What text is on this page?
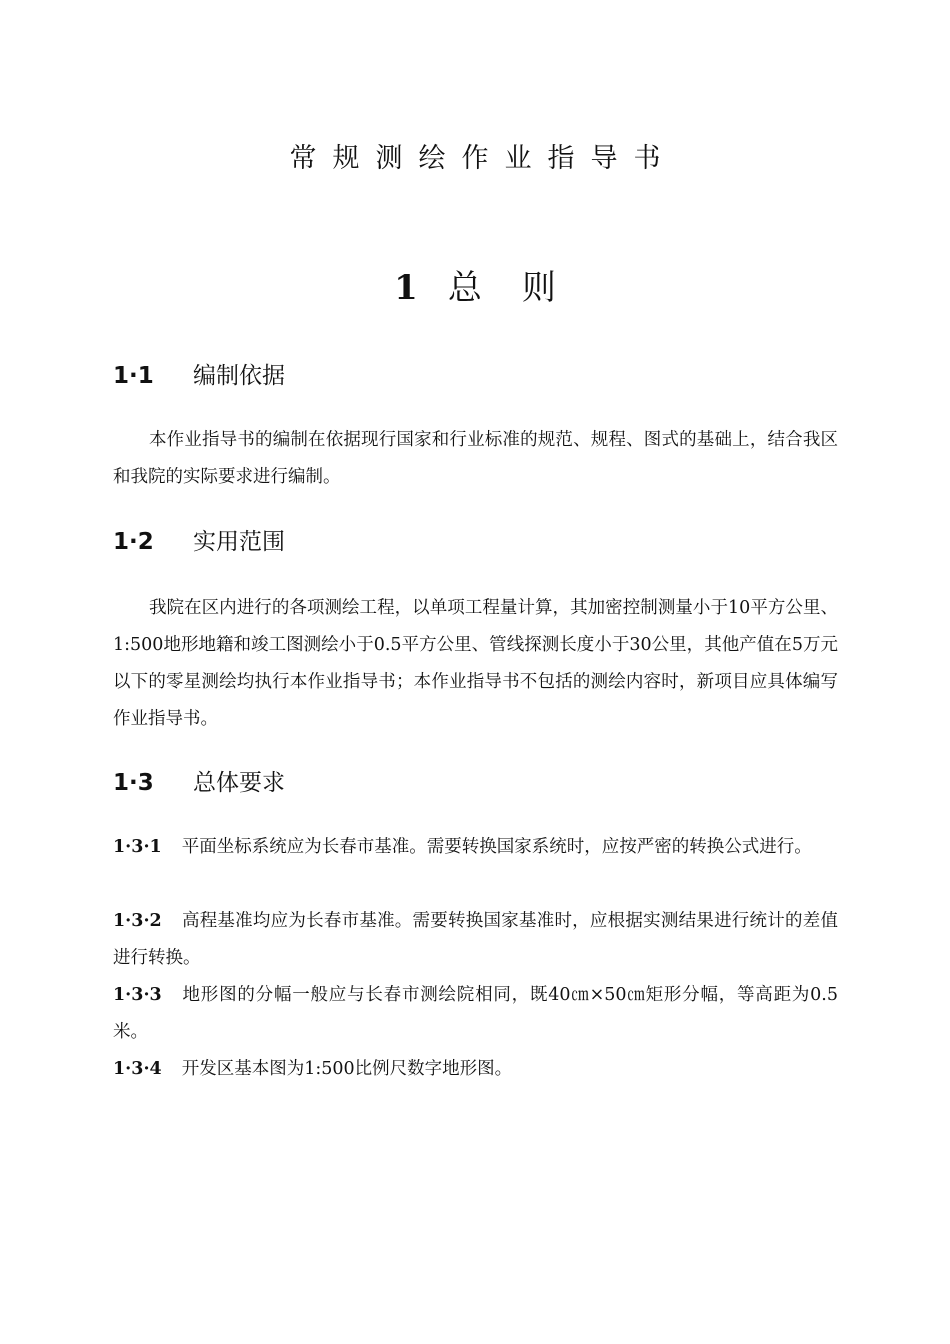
常规测绘作业指导书
1 总则
1·1 编制依据

本作业指导书的编制在依据现行国家和行业标准的规范、规程、图式的基础上，结合我区和我院的实际要求进行编制。

1·2 实用范围

我院在区内进行的各项测绘工程，以单项工程量计算，其加密控制测量小于10平方公里、1:500地形地籍和竣工图测绘小于0.5平方公里、管线探测长度小于30公里，其他产值在5万元以下的零星测绘均执行本作业指导书；本作业指导书不包括的测绘内容时，新项目应具体编写作业指导书。

1·3 总体要求

1·3·1 平面坐标系统应为长春市基准。需要转换国家系统时，应按严密的转换公式进行。

1·3·2 高程基准均应为长春市基准。需要转换国家基准时，应根据实测结果进行统计的差值进行转换。

1·3·3 地形图的分幅一般应与长春市测绘院相同，既40㎝×50㎝矩形分幅，等高距为0.5米。

1·3·4 开发区基本图为1:500比例尺数字地形图。
